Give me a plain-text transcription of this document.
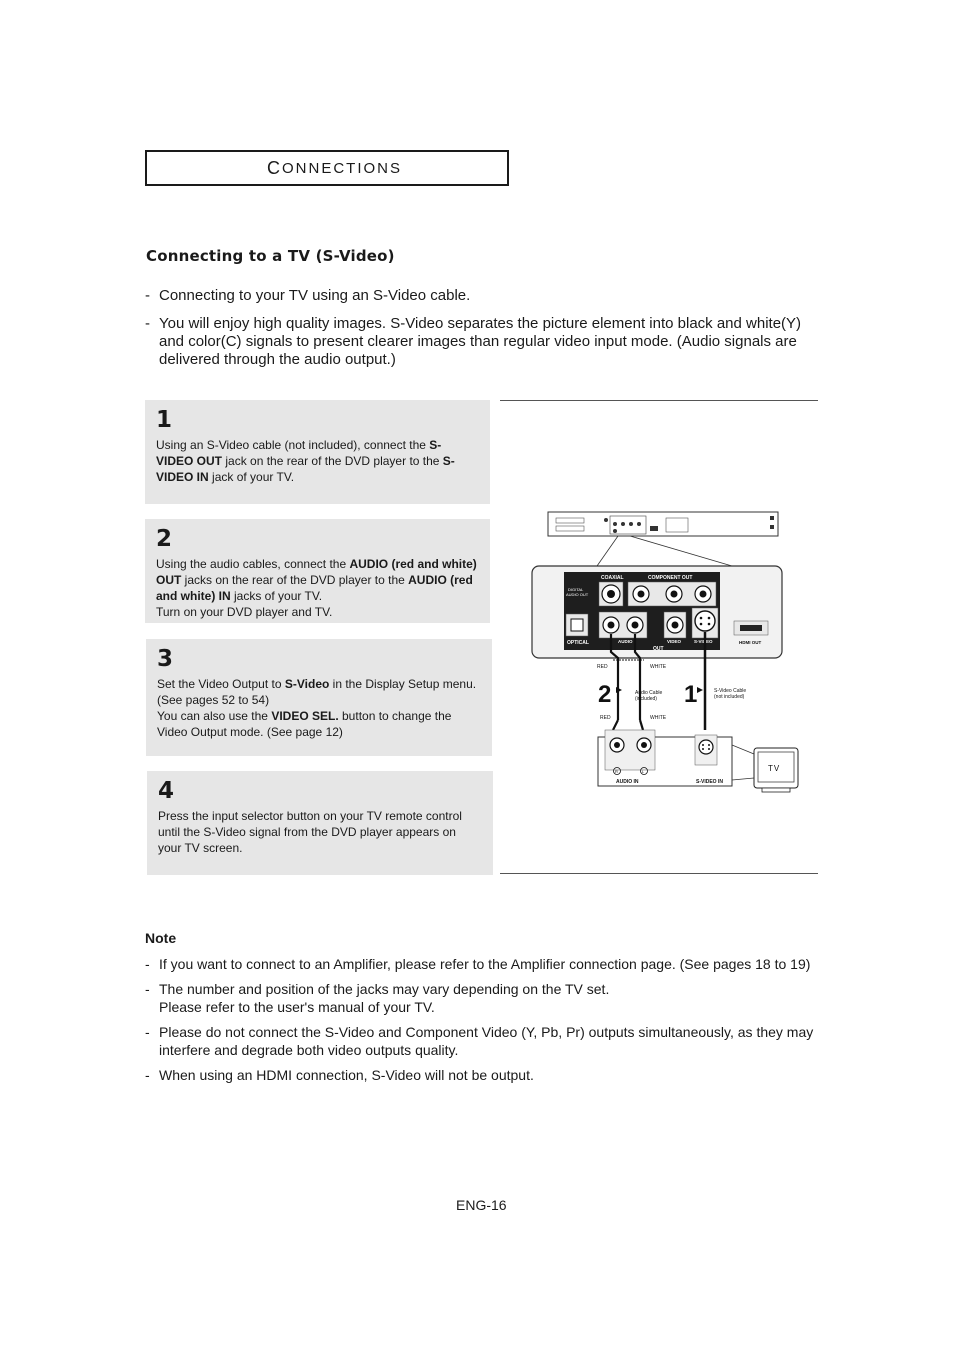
C ONNECTIONS
Connecting to a TV (S-Video)
- Connecting to your TV using an S-Video cable.
- You will enjoy high quality images. S-Video separates the picture element into black and white(Y) and color(C) signals to present clearer images than regular video input mode. (Audio signals are delivered through the audio output.)
1
Using an S-Video cable (not included), connect the S-VIDEO OUT jack on the rear of the DVD player to the S-VIDEO IN jack of your TV.
2
Using the audio cables, connect the AUDIO (red and white) OUT jacks on the rear of the DVD player to the AUDIO (red and white) IN jacks of your TV.
Turn on your DVD player and TV.
3
Set the Video Output to S-Video in the Display Setup menu. (See pages 52 to 54)
You can also use the VIDEO SEL. button to change the Video Output mode. (See page 12)
4
Press the input selector button on your TV remote control until the S-Video signal from the DVD player appears on your TV screen.
COAXIAL	COMPONENT OUT
DIGITAL
AUDIO OUT
OPTICAL	AUDIO	VIDEO	S-VIDEO
OUT
HDMI OUT
RED	WHITE
2	Audio Cable
(included) 1	S-Video Cable
(not included)
RED	WHITE
R	L
AUDIO IN	S-VIDEO IN
TV
Note
- If you want to connect to an Amplifier, please refer to the Amplifier connection page. (See pages 18 to 19)
- The number and position of the jacks may vary depending on the TV set.
Please refer to the user's manual of your TV.
- Please do not connect the S-Video and Component Video (Y, Pb, Pr) outputs simultaneously, as they may interfere and degrade both video outputs quality.
- When using an HDMI connection, S-Video will not be output.
ENG-16
